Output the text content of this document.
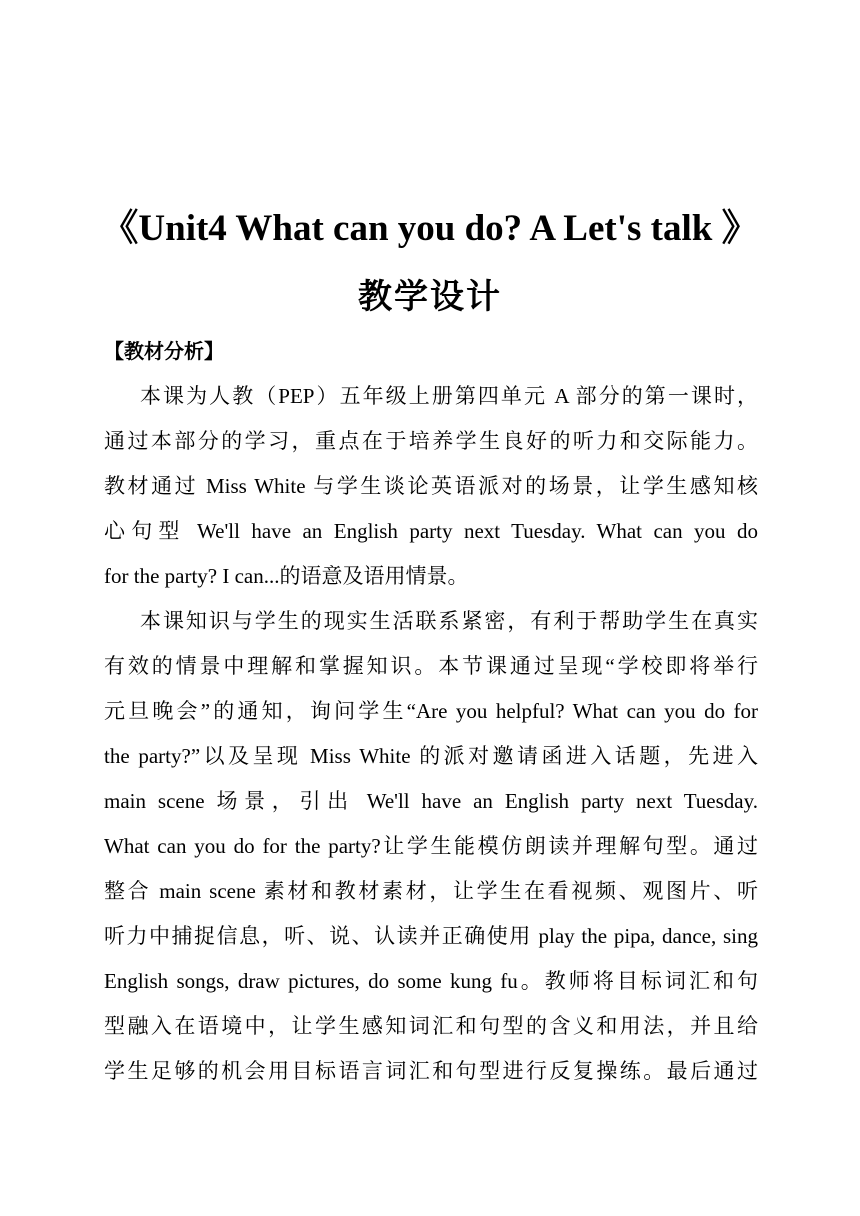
《Unit4 What can you do? A Let's talk 》
教学设计
【教材分析】
本课为人教（PEP）五年级上册第四单元 A 部分的第一课时，
通过本部分的学习，重点在于培养学生良好的听力和交际能力。
教材通过 Miss White 与学生谈论英语派对的场景，让学生感知核
心句型 We'll have an English party next Tuesday. What can you do
for the party? I can...的语意及语用情景。
本课知识与学生的现实生活联系紧密，有利于帮助学生在真实
有效的情景中理解和掌握知识。本节课通过呈现“学校即将举行
元旦晚会”的通知，询问学生“Are you helpful? What can you do for
the party?”以及呈现 Miss White 的派对邀请函进入话题，先进入
main scene 场景，引出 We'll have an English party next Tuesday.
What can you do for the party?让学生能模仿朗读并理解句型。通过
整合 main scene 素材和教材素材，让学生在看视频、观图片、听
听力中捕捉信息，听、说、认读并正确使用 play the pipa, dance, sing
English songs, draw pictures, do some kung fu。教师将目标词汇和句
型融入在语境中，让学生感知词汇和句型的含义和用法，并且给
学生足够的机会用目标语言词汇和句型进行反复操练。最后通过
